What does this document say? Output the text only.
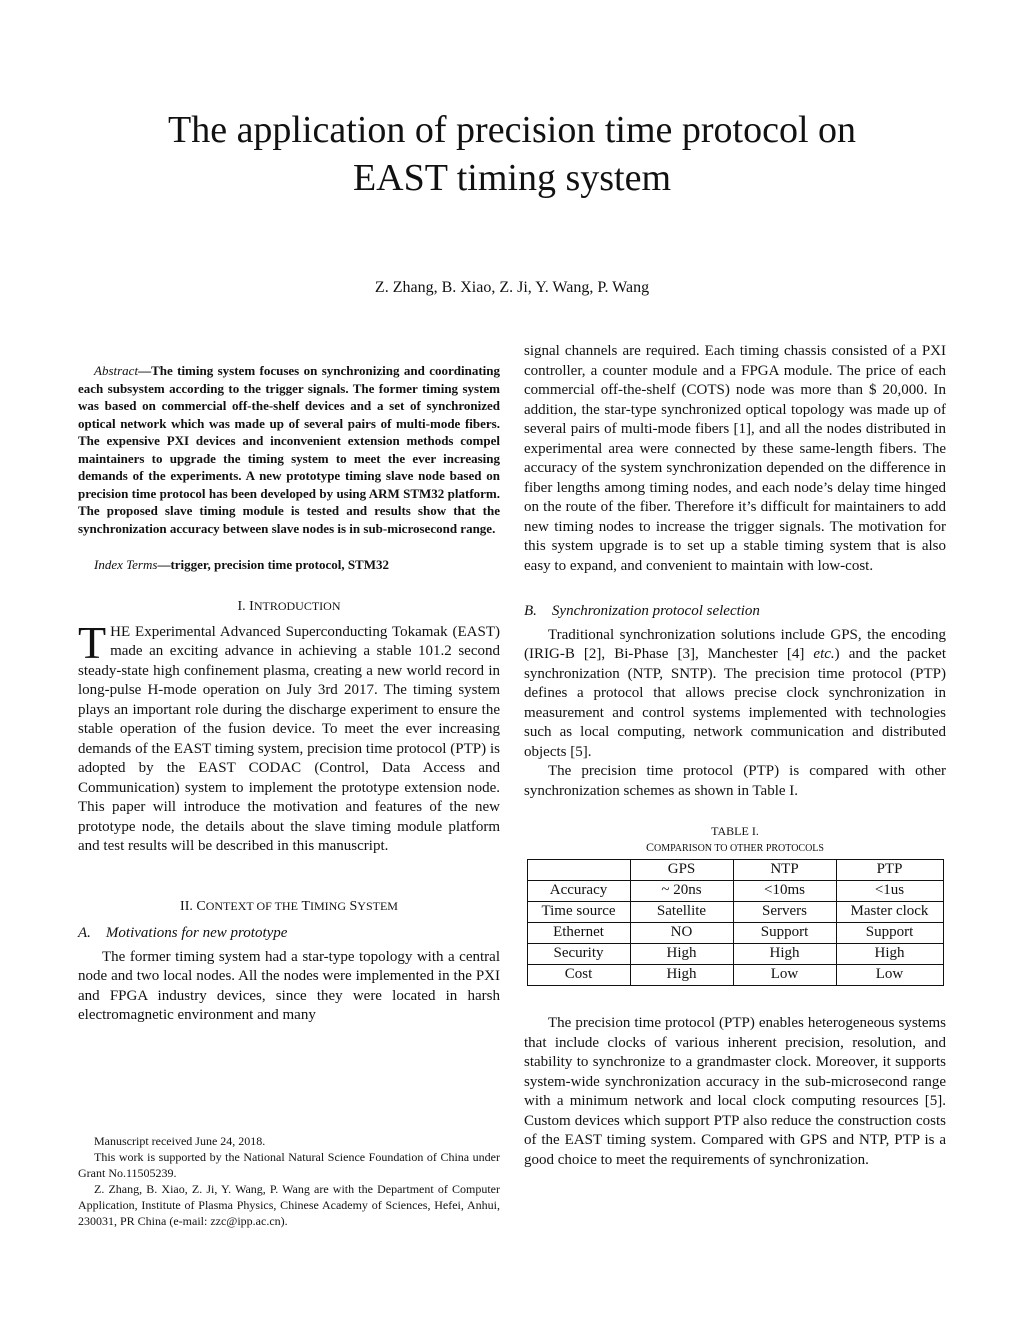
The application of precision time protocol on
EAST timing system
Z. Zhang, B. Xiao, Z. Ji, Y. Wang, P. Wang

Abstract—The timing system focuses on synchronizing and coordinating each subsystem according to the trigger signals. The former timing system was based on commercial off-the-shelf devices and a set of synchronized optical network which was made up of several pairs of multi-mode fibers. The expensive PXI devices and inconvenient extension methods compel maintainers to upgrade the timing system to meet the ever increasing demands of the experiments. A new prototype timing slave node based on precision time protocol has been developed by using ARM STM32 platform. The proposed slave timing module is tested and results show that the synchronization accuracy between slave nodes is in sub-microsecond range.

Index Terms—trigger, precision time protocol, STM32

I. INTRODUCTION

THE Experimental Advanced Superconducting Tokamak (EAST) made an exciting advance in achieving a stable 101.2 second steady-state high confinement plasma, creating a new world record in long-pulse H-mode operation on July 3rd 2017. The timing system plays an important role during the discharge experiment to ensure the stable operation of the fusion device. To meet the ever increasing demands of the EAST timing system, precision time protocol (PTP) is adopted by the EAST CODAC (Control, Data Access and Communication) system to implement the prototype extension node. This paper will introduce the motivation and features of the new prototype node, the details about the slave timing module platform and test results will be described in this manuscript.

II. CONTEXT OF THE TIMING SYSTEM
A. Motivations for new prototype

The former timing system had a star-type topology with a central node and two local nodes. All the nodes were implemented in the PXI and FPGA industry devices, since they were located in harsh electromagnetic environment and many

Manuscript received June 24, 2018.

This work is supported by the National Natural Science Foundation of China under Grant No.11505239.

Z. Zhang, B. Xiao, Z. Ji, Y. Wang, P. Wang are with the Department of Computer Application, Institute of Plasma Physics, Chinese Academy of Sciences, Hefei, Anhui, 230031, PR China (e-mail: zzc@ipp.ac.cn).

signal channels are required. Each timing chassis consisted of a PXI controller, a counter module and a FPGA module. The price of each commercial off-the-shelf (COTS) node was more than $ 20,000. In addition, the star-type synchronized optical topology was made up of several pairs of multi-mode fibers [1], and all the nodes distributed in experimental area were connected by these same-length fibers. The accuracy of the system synchronization depended on the difference in fiber lengths among timing nodes, and each node’s delay time hinged on the route of the fiber. Therefore it’s difficult for maintainers to add new timing nodes to increase the trigger signals. The motivation for this system upgrade is to set up a stable timing system that is also easy to expand, and convenient to maintain with low-cost.

B. Synchronization protocol selection

Traditional synchronization solutions include GPS, the encoding (IRIG-B [2], Bi-Phase [3], Manchester [4] etc.) and the packet synchronization (NTP, SNTP). The precision time protocol (PTP) defines a protocol that allows precise clock synchronization in measurement and control systems implemented with technologies such as local computing, network communication and distributed objects [5].

The precision time protocol (PTP) is compared with other synchronization schemes as shown in Table I.

TABLE I.
COMPARISON TO OTHER PROTOCOLS
	GPS	NTP	PTP
Accuracy	~ 20ns	<10ms	<1us
Time source	Satellite	Servers	Master clock
Ethernet	NO	Support	Support
Security	High	High	High
Cost	High	Low	Low

The precision time protocol (PTP) enables heterogeneous systems that include clocks of various inherent precision, resolution, and stability to synchronize to a grandmaster clock. Moreover, it supports system-wide synchronization accuracy in the sub-microsecond range with a minimum network and local clock computing resources [5]. Custom devices which support PTP also reduce the construction costs of the EAST timing system. Compared with GPS and NTP, PTP is a good choice to meet the requirements of synchronization.
